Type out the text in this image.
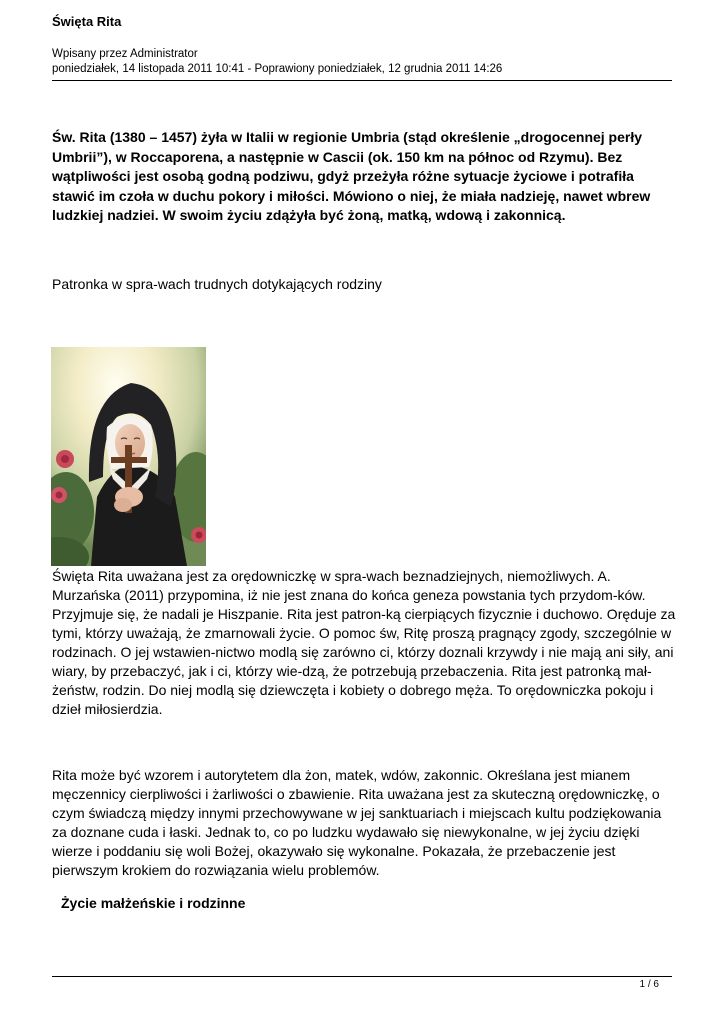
Święta Rita
Wpisany przez Administrator
poniedziałek, 14 listopada 2011 10:41 - Poprawiony poniedziałek, 12 grudnia 2011 14:26
Św. Rita (1380 – 1457) żyła w Italii w regionie Umbria (stąd określenie „drogocennej perły Umbrii”), w Roccaporena, a następnie w Cascii (ok. 150 km na północ od Rzymu). Bez wątpliwości jest osobą godną podziwu, gdyż przeżyła różne sytuacje życiowe i potrafiła stawić im czoła w duchu pokory i miłości. Mówiono o niej, że miała nadzieję, nawet wbrew ludzkiej nadziei. W swoim życiu zdążyła być żoną, matką, wdową i zakonnicą.
Patronka w spra-wach trudnych dotykających rodziny
Święta Rita uważana jest za orędowniczkę w spra-wach beznadziejnych, niemożliwych. A. Murzańska (2011) przypomina, iż nie jest znana do końca geneza powstania tych przydom-ków. Przyjmuje się, że nadali je Hiszpanie. Rita jest patron-ką cierpiących fizycznie i duchowo. Oręduje za tymi, którzy uważają, że zmarnowali życie. O pomoc św, Ritę proszą pragnący zgody, szczególnie w rodzinach. O jej wstawien-nictwo modlą się zarówno ci, którzy doznali krzywdy i nie mają ani siły, ani wiary, by przebaczyć, jak i ci, którzy wie-dzą, że potrzebują przebaczenia. Rita jest patronką mał-żeństw, rodzin. Do niej modlą się dziewczęta i kobiety o dobrego męża. To orędowniczka pokoju i dzieł miłosierdzia.
Rita może być wzorem i autorytetem dla żon, matek, wdów, zakonnic. Określana jest mianem męczennicy cierpliwości i żarliwości o zbawienie. Rita uważana jest za skuteczną orędowniczkę, o czym świadczą między innymi przechowywane w jej sanktuariach i miejscach kultu podziękowania za doznane cuda i łaski. Jednak to, co po ludzku wydawało się niewykonalne, w jej życiu dzięki wierze i poddaniu się woli Bożej, okazywało się wykonalne. Pokazała, że przebaczenie jest pierwszym krokiem do rozwiązania wielu problemów.
Życie małżeńskie i rodzinne
1 / 6
